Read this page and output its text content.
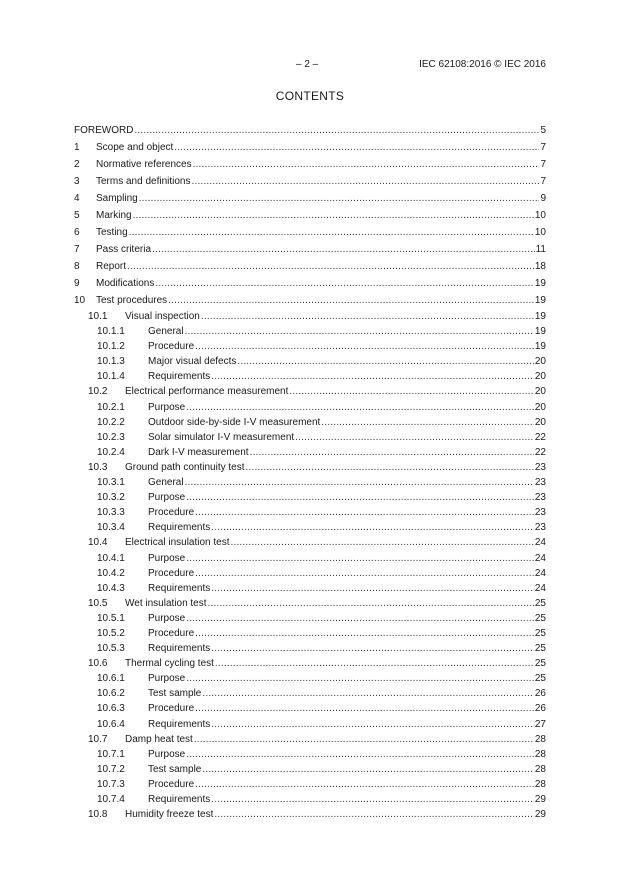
– 2 –	IEC 62108:2016 © IEC 2016
CONTENTS
FOREWORD .....	5
1	Scope and object .....	7
2	Normative references .....	7
3	Terms and definitions .....	7
4	Sampling .....	9
5	Marking .....	10
6	Testing .....	10
7	Pass criteria .....	11
8	Report .....	18
9	Modifications .....	19
10	Test procedures .....	19
10.1	Visual inspection .....	19
10.1.1	General .....	19
10.1.2	Procedure .....	19
10.1.3	Major visual defects .....	20
10.1.4	Requirements .....	20
10.2	Electrical performance measurement .....	20
10.2.1	Purpose .....	20
10.2.2	Outdoor side-by-side I-V measurement .....	20
10.2.3	Solar simulator I-V measurement .....	22
10.2.4	Dark I-V measurement .....	22
10.3	Ground path continuity test .....	23
10.3.1	General .....	23
10.3.2	Purpose .....	23
10.3.3	Procedure .....	23
10.3.4	Requirements .....	23
10.4	Electrical insulation test .....	24
10.4.1	Purpose .....	24
10.4.2	Procedure .....	24
10.4.3	Requirements .....	24
10.5	Wet insulation test .....	25
10.5.1	Purpose .....	25
10.5.2	Procedure .....	25
10.5.3	Requirements .....	25
10.6	Thermal cycling test .....	25
10.6.1	Purpose .....	25
10.6.2	Test sample .....	26
10.6.3	Procedure .....	26
10.6.4	Requirements .....	27
10.7	Damp heat test .....	28
10.7.1	Purpose .....	28
10.7.2	Test sample .....	28
10.7.3	Procedure .....	28
10.7.4	Requirements .....	29
10.8	Humidity freeze test .....	29
